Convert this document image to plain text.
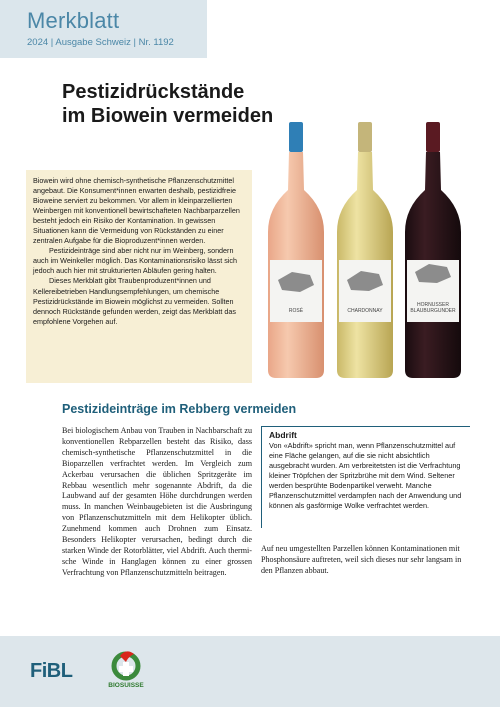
Merkblatt
2024 | Ausgabe Schweiz | Nr. 1192
Pestizidrückstände
im Biowein vermeiden

Biowein wird ohne chemisch-synthetische Pflanzenschutzmittel angebaut. Die Konsument*innen erwarten deshalb, pestizidfreie Bioweine serviert zu bekommen. Vor allem in kleinparzellierten Weinbergen mit konventionell bewirtschafteten Nachbarparzellen besteht jedoch ein Risiko der Kontamination. In gewissen Situationen kann die Vermeidung von Rückständen zu einer zentralen Aufgabe für die Bioproduzent*innen werden.

Pestizideinträge sind aber nicht nur im Weinberg, sondern auch im Weinkeller möglich. Das Kontaminationsrisiko lässt sich jedoch auch hier mit strukturierten Abläufen gering halten.

Dieses Merkblatt gibt Traubenproduzent*innen und Kellereibetrieben Handlungsempfehlungen, um chemische Pestizidrückstände im Biowein möglichst zu vermeiden. Sollten dennoch Rückstände gefunden werden, zeigt das Merkblatt das empfohlene Vorgehen auf.

ROSÉ	CHARDONNAY
HORNUSSER
BLAUBURGUNDER
Pestizideinträge im Rebberg vermeiden
Bei biologischem Anbau von Trauben in Nachbarschaft zu konventionellen Rebparzellen besteht das Risiko, dass chemisch-synthetische Pflanzenschutzmittel in die Bioparzellen verfrachtet werden. Im Vergleich zum Ackerbau verursachen die üblichen Spritzgeräte im Rebbau wesentlich mehr sogenannte Abdrift, da die Laubwand auf der gesamten Höhe durchdrungen werden muss. In manchen Weinbaugebieten ist die Ausbringung von Pflanzenschutzmitteln mit dem Helikopter üblich. Zunehmend kommen auch Drohnen zum Einsatz. Besonders Helikopter verursachen, bedingt durch die starken Winde der Rotorblätter, viel Abdrift. Auch thermische Winde in Hanglagen können zu einer grossen Verfrachtung von Pflanzenschutzmitteln beitragen.
Abdrift
Von «Abdrift» spricht man, wenn Pflanzenschutzmittel auf eine Fläche gelangen, auf die sie nicht absichtlich ausgebracht wurden. Am verbreitetsten ist die Verfrachtung kleiner Tröpfchen der Spritzbrühe mit dem Wind. Seltener werden besprühte Bodenpartikel verweht. Manche Pflanzenschutzmittel verdampfen nach der Anwendung und können als gasförmige Wolke verfrachtet werden.
Auf neu umgestellten Parzellen können Kontaminationen mit Phosphonsäure auftreten, weil sich dieses nur sehr langsam in den Pflanzen abbaut.
FiBL
BIOSUISSE
